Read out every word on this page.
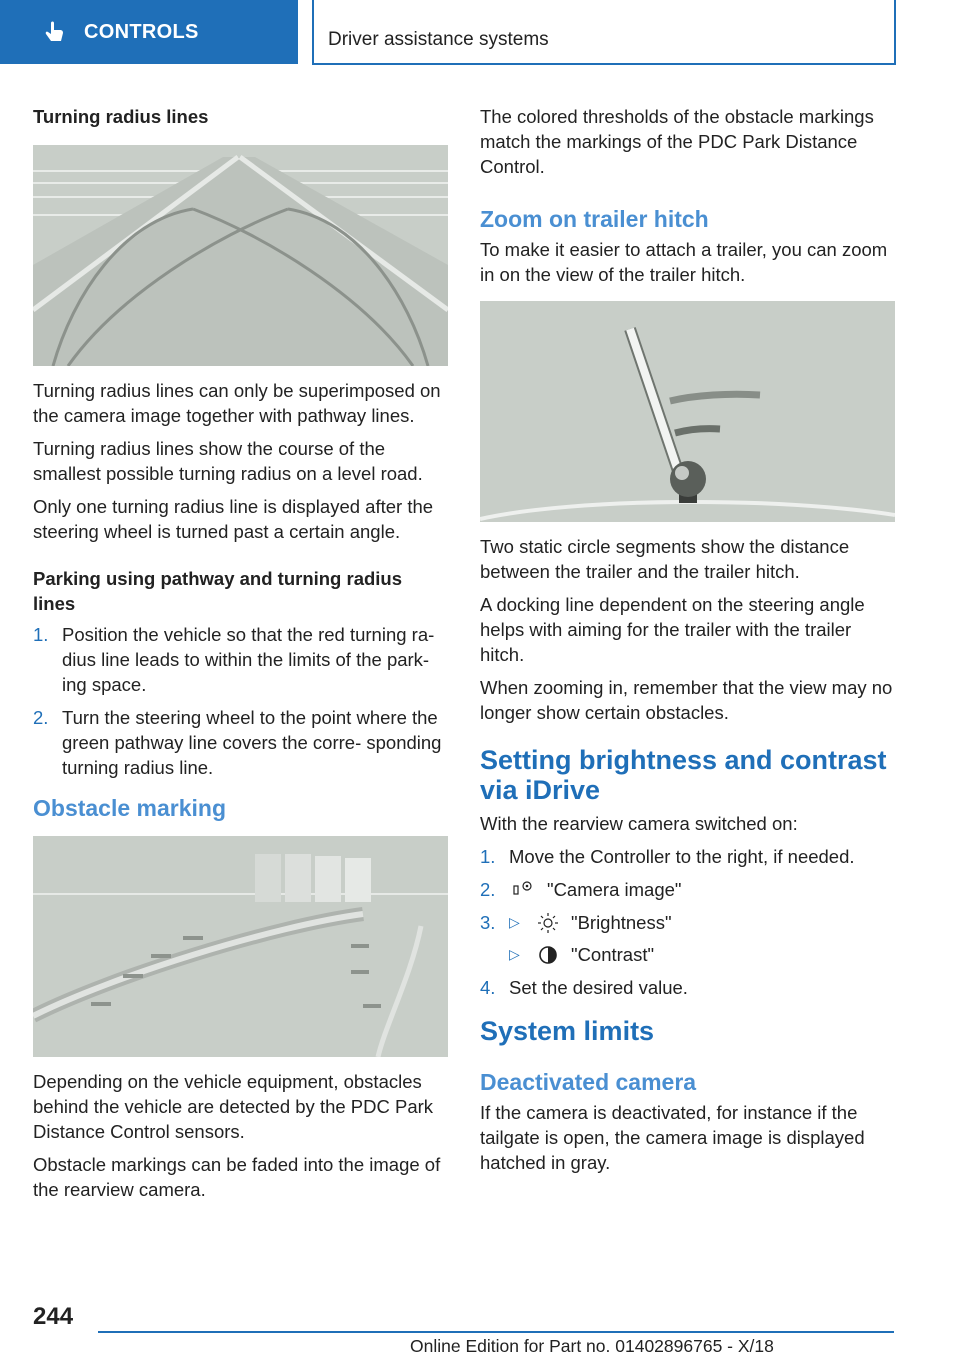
CONTROLS	Driver assistance systems
Turning radius lines

Turning radius lines can only be superimposed on the camera image together with pathway lines.

Turning radius lines show the course of the smallest possible turning radius on a level road.

Only one turning radius line is displayed after the steering wheel is turned past a certain angle.

Parking using pathway and turning radius lines
1. Position the vehicle so that the red turning ra- dius line leads to within the limits of the park- ing space.
2. Turn the steering wheel to the point where the green pathway line covers the corre- sponding turning radius line.
Obstacle marking

Depending on the vehicle equipment, obstacles behind the vehicle are detected by the PDC Park Distance Control sensors.

Obstacle markings can be faded into the image of the rearview camera.

The colored thresholds of the obstacle markings match the markings of the PDC Park Distance Control.

Zoom on trailer hitch

To make it easier to attach a trailer, you can zoom in on the view of the trailer hitch.

Two static circle segments show the distance between the trailer and the trailer hitch.

A docking line dependent on the steering angle helps with aiming for the trailer with the trailer hitch.

When zooming in, remember that the view may no longer show certain obstacles.

Setting brightness and contrast via iDrive

With the rearview camera switched on:

1. Move the Controller to the right, if needed.
2.	"Camera image"
3. ▷	"Brightness"
▷	"Contrast"
4. Set the desired value.
System limits
Deactivated camera

If the camera is deactivated, for instance if the tailgate is open, the camera image is displayed hatched in gray.

244
Online Edition for Part no. 01402896765 - X/18
